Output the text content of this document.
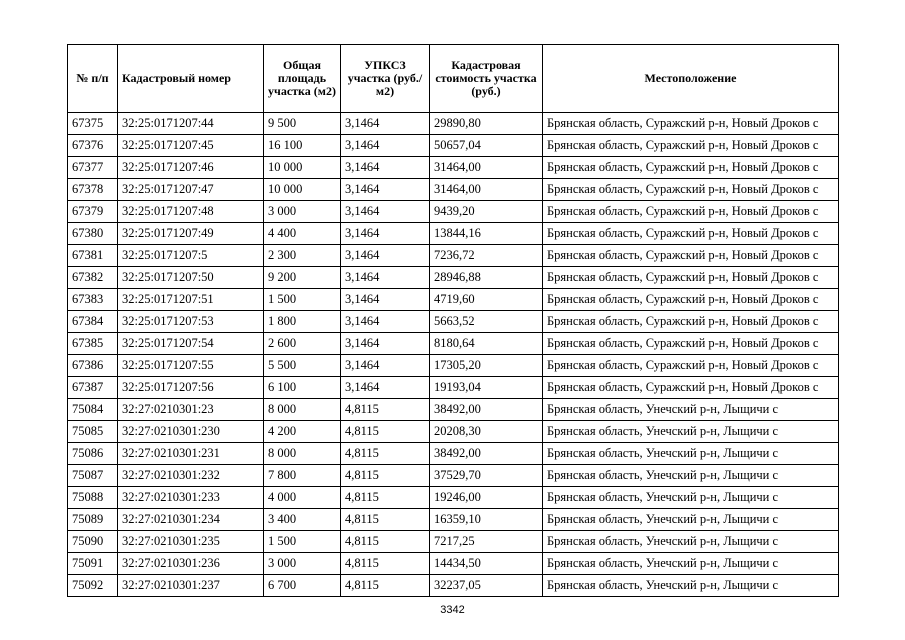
№ п/п	Кадастровый номер	Общая площадь участка (м2)	УПКСЗ участка (руб./м2)	Кадастровая стоимость участка (руб.)	Местоположение
67375	32:25:0171207:44	9 500	3,1464	29890,80	Брянская область, Суражский р-н, Новый Дроков с
67376	32:25:0171207:45	16 100	3,1464	50657,04	Брянская область, Суражский р-н, Новый Дроков с
67377	32:25:0171207:46	10 000	3,1464	31464,00	Брянская область, Суражский р-н, Новый Дроков с
67378	32:25:0171207:47	10 000	3,1464	31464,00	Брянская область, Суражский р-н, Новый Дроков с
67379	32:25:0171207:48	3 000	3,1464	9439,20	Брянская область, Суражский р-н, Новый Дроков с
67380	32:25:0171207:49	4 400	3,1464	13844,16	Брянская область, Суражский р-н, Новый Дроков с
67381	32:25:0171207:5	2 300	3,1464	7236,72	Брянская область, Суражский р-н, Новый Дроков с
67382	32:25:0171207:50	9 200	3,1464	28946,88	Брянская область, Суражский р-н, Новый Дроков с
67383	32:25:0171207:51	1 500	3,1464	4719,60	Брянская область, Суражский р-н, Новый Дроков с
67384	32:25:0171207:53	1 800	3,1464	5663,52	Брянская область, Суражский р-н, Новый Дроков с
67385	32:25:0171207:54	2 600	3,1464	8180,64	Брянская область, Суражский р-н, Новый Дроков с
67386	32:25:0171207:55	5 500	3,1464	17305,20	Брянская область, Суражский р-н, Новый Дроков с
67387	32:25:0171207:56	6 100	3,1464	19193,04	Брянская область, Суражский р-н, Новый Дроков с
75084	32:27:0210301:23	8 000	4,8115	38492,00	Брянская область, Унечский р-н, Лыщичи с
75085	32:27:0210301:230	4 200	4,8115	20208,30	Брянская область, Унечский р-н, Лыщичи с
75086	32:27:0210301:231	8 000	4,8115	38492,00	Брянская область, Унечский р-н, Лыщичи с
75087	32:27:0210301:232	7 800	4,8115	37529,70	Брянская область, Унечский р-н, Лыщичи с
75088	32:27:0210301:233	4 000	4,8115	19246,00	Брянская область, Унечский р-н, Лыщичи с
75089	32:27:0210301:234	3 400	4,8115	16359,10	Брянская область, Унечский р-н, Лыщичи с
75090	32:27:0210301:235	1 500	4,8115	7217,25	Брянская область, Унечский р-н, Лыщичи с
75091	32:27:0210301:236	3 000	4,8115	14434,50	Брянская область, Унечский р-н, Лыщичи с
75092	32:27:0210301:237	6 700	4,8115	32237,05	Брянская область, Унечский р-н, Лыщичи с
3342
